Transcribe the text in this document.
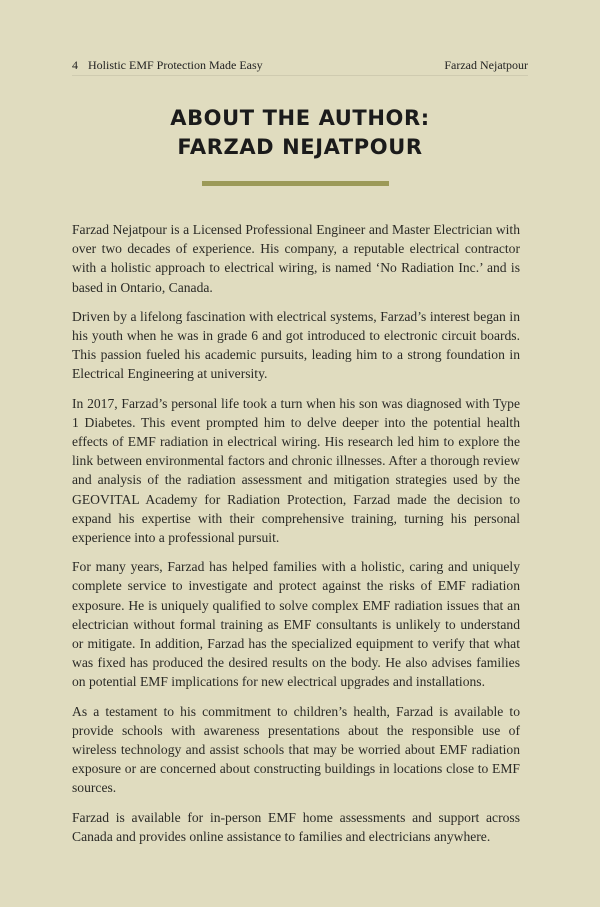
4 Holistic EMF Protection Made Easy	Farzad Nejatpour
ABOUT THE AUTHOR:
FARZAD NEJATPOUR

Farzad Nejatpour is a Licensed Professional Engineer and Master Electrician with over two decades of experience. His company, a reputable electrical contractor with a holistic approach to electrical wiring, is named ‘No Radiation Inc.’ and is based in Ontario, Canada.

Driven by a lifelong fascination with electrical systems, Farzad’s interest began in his youth when he was in grade 6 and got introduced to electronic circuit boards. This passion fueled his academic pursuits, leading him to a strong foundation in Electrical Engineering at university.

In 2017, Farzad’s personal life took a turn when his son was diagnosed with Type 1 Diabetes. This event prompted him to delve deeper into the potential health effects of EMF radiation in electrical wiring. His research led him to explore the link between environmental factors and chronic illnesses. After a thorough review and analysis of the radiation assessment and mitigation strategies used by the GEOVITAL Academy for Radiation Protection, Farzad made the decision to expand his expertise with their comprehensive training, turning his personal experience into a professional pursuit.

For many years, Farzad has helped families with a holistic, caring and uniquely complete service to investigate and protect against the risks of EMF radiation exposure. He is uniquely qualified to solve complex EMF radiation issues that an electrician without formal training as EMF consultants is unlikely to understand or mitigate. In addition, Farzad has the specialized equipment to verify that what was fixed has produced the desired results on the body. He also advises families on potential EMF implications for new electrical upgrades and installations.

As a testament to his commitment to children’s health, Farzad is available to provide schools with awareness presentations about the responsible use of wireless technology and assist schools that may be worried about EMF radiation exposure or are concerned about constructing buildings in locations close to EMF sources.

Farzad is available for in-person EMF home assessments and support across Canada and provides online assistance to families and electricians anywhere.
